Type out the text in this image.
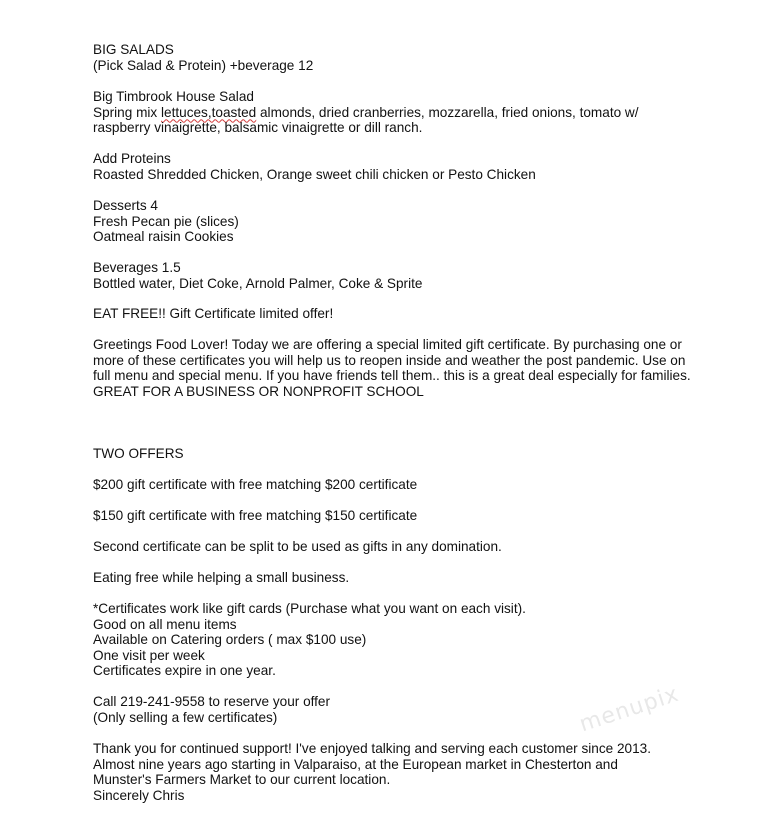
BIG SALADS
(Pick Salad & Protein) +beverage 12
Big Timbrook House Salad
Spring mix lettuces,toasted almonds, dried cranberries, mozzarella, fried onions, tomato w/
raspberry vinaigrette, balsamic vinaigrette or dill ranch.
Add Proteins
Roasted Shredded Chicken, Orange sweet chili chicken or Pesto Chicken
Desserts 4
Fresh Pecan pie (slices)
Oatmeal raisin Cookies
Beverages 1.5
Bottled water, Diet Coke, Arnold Palmer, Coke & Sprite
EAT FREE!! Gift Certificate limited offer!
Greetings Food Lover! Today we are offering a special limited gift certificate. By purchasing one or more of these certificates you will help us to reopen inside and weather the post pandemic. Use on full menu and special menu. If you have friends tell them.. this is a great deal especially for families.
GREAT FOR A BUSINESS OR NONPROFIT SCHOOL
TWO OFFERS
$200 gift certificate with free matching $200 certificate
$150 gift certificate with free matching $150 certificate
Second certificate can be split to be used as gifts in any domination.
Eating free while helping a small business.
*Certificates work like gift cards (Purchase what you want on each visit).
Good on all menu items
Available on Catering orders ( max $100 use)
One visit per week
Certificates expire in one year.
Call 219-241-9558 to reserve your offer
(Only selling a few certificates)
Thank you for continued support! I've enjoyed talking and serving each customer since 2013.
Almost nine years ago starting in Valparaiso, at the European market in Chesterton and
Munster's Farmers Market to our current location.
Sincerely Chris
menupix
